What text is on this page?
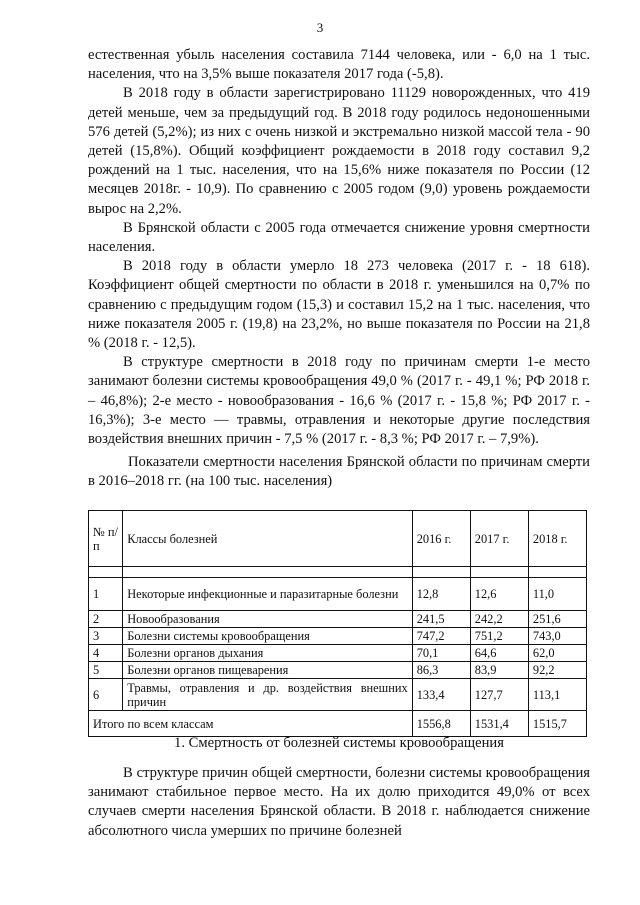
3

естественная убыль населения составила 7144 человека, или - 6,0 на 1 тыс. населения, что на 3,5% выше показателя 2017 года (-5,8).

В 2018 году в области зарегистрировано 11129 новорожденных, что 419 детей меньше, чем за предыдущий год. В 2018 году родилось недоношенными 576 детей (5,2%); из них с очень низкой и экстремально низкой массой тела - 90 детей (15,8%). Общий коэффициент рождаемости в 2018 году составил 9,2 рождений на 1 тыс. населения, что на 15,6% ниже показателя по России (12 месяцев 2018г. - 10,9). По сравнению с 2005 годом (9,0) уровень рождаемости вырос на 2,2%.

В Брянской области с 2005 года отмечается снижение уровня смертности населения.

В 2018 году в области умерло 18 273 человека (2017 г. - 18 618). Коэффициент общей смертности по области в 2018 г. уменьшился на 0,7% по сравнению с предыдущим годом (15,3) и составил 15,2 на 1 тыс. населения, что ниже показателя 2005 г. (19,8) на 23,2%, но выше показателя по России на 21,8 % (2018 г. - 12,5).

В структуре смертности в 2018 году по причинам смерти 1-е место занимают болезни системы кровообращения 49,0 % (2017 г. - 49,1 %; РФ 2018 г. – 46,8%); 2-е место - новообразования - 16,6 % (2017 г. - 15,8 %; РФ 2017 г. - 16,3%); 3-е место — травмы, отравления и некоторые другие последствия воздействия внешних причин - 7,5 % (2017 г. - 8,3 %; РФ 2017 г. – 7,9%).

Показатели смертности населения Брянской области по причинам смерти в 2016–2018 гг. (на 100 тыс. населения)
№ п/п	Классы болезней	2016 г.	2017 г.	2018 г.

1	Некоторые инфекционные и паразитарные болезни	12,8	12,6	11,0
2	Новообразования	241,5	242,2	251,6
3	Болезни системы кровообращения	747,2	751,2	743,0
4	Болезни органов дыхания	70,1	64,6	62,0
5	Болезни органов пищеварения	86,3	83,9	92,2
6	Травмы, отравления и др. воздействия внешних причин	133,4	127,7	113,1
Итого по всем классам		1556,8	1531,4	1515,7
1. Смертность от болезней системы кровообращения

В структуре причин общей смертности, болезни системы кровообращения занимают стабильное первое место. На их долю приходится 49,0% от всех случаев смерти населения Брянской области. В 2018 г. наблюдается снижение абсолютного числа умерших по причине болезней
